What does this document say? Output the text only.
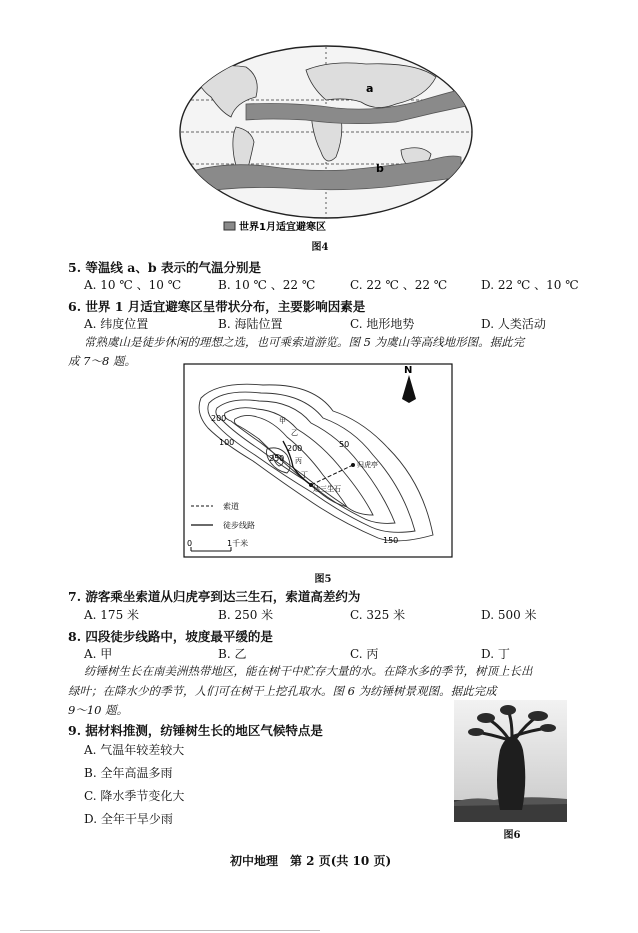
a
b
世界1月适宜避寒区
图4
5. 等温线 a、b 表示的气温分别是
A. 10 ℃ 、10 ℃	B. 10 ℃ 、22 ℃	C. 22 ℃ 、22 ℃	D. 22 ℃ 、10 ℃
6. 世界 1 月适宜避寒区呈带状分布，主要影响因素是
A. 纬度位置	B. 海陆位置	C. 地形地势	D. 人类活动
常熟虞山是徒步休闲的理想之选，也可乘索道游览。图 5 为虞山等高线地形图。据此完
成 7～8 题。
200
100
250
200	50
150
归虎亭
达三生石
甲
乙
丙
丁
N
索道
徒步线路
0	1千米
图5
7. 游客乘坐索道从归虎亭到达三生石，索道高差约为
A. 175 米	B. 250 米	C. 325 米	D. 500 米
8. 四段徒步线路中，坡度最平缓的是
A. 甲	B. 乙	C. 丙	D. 丁
纺锤树生长在南美洲热带地区，能在树干中贮存大量的水。在降水多的季节，树顶上长出
绿叶；在降水少的季节，人们可在树干上挖孔取水。图 6 为纺锤树景观图。据此完成
9～10 题。
9. 据材料推测，纺锤树生长的地区气候特点是
A. 气温年较差较大
B. 全年高温多雨
C. 降水季节变化大
D. 全年干旱少雨
图6
初中地理　第 2 页(共 10 页)
